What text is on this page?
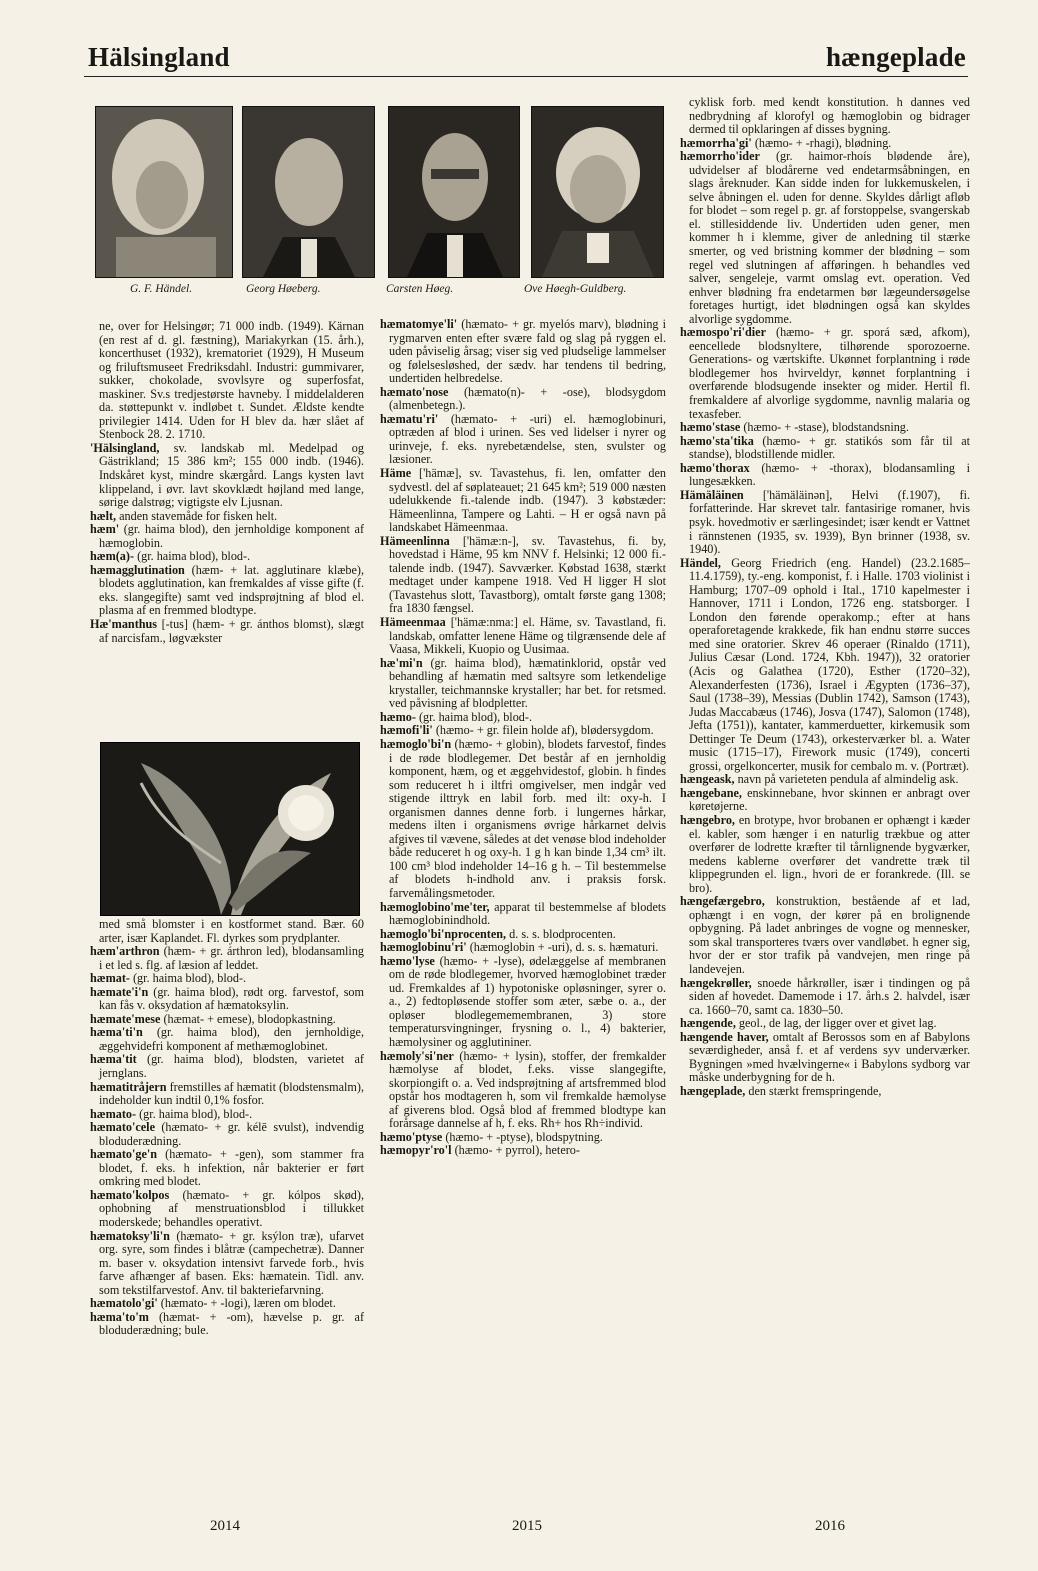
Hälsingland	hængeplade
G. F. Händel.	Georg Høeberg.	Carsten Høeg.	Ove Høegh-Guldberg.

ne, over for Helsingør; 71 000 indb. (1949). Kärnan (en rest af d. gl. fæstning), Mariakyrkan (15. årh.), koncerthuset (1932), krematoriet (1929), H Museum og friluftsmuseet Fredriksdahl. Industri: gummivarer, sukker, chokolade, svovlsyre og superfosfat, maskiner. Sv.s tredjestørste havneby. I middelalderen da. støttepunkt v. indløbet t. Sundet. Ældste kendte privilegier 1414. Uden for H blev da. hær slået af Stenbock 28. 2. 1710.

'Hälsingland, sv. landskab ml. Medelpad og Gästrikland; 15 386 km²; 155 000 indb. (1946). Indskåret kyst, mindre skærgård. Langs kysten lavt klippeland, i øvr. lavt skovklædt højland med lange, sørige dalstrøg; vigtigste elv Ljusnan.

hælt, anden stavemåde for fisken helt.

hæm' (gr. haima blod), den jernholdige komponent af hæmoglobin.

hæm(a)- (gr. haima blod), blod-.

hæmagglutination (hæm- + lat. agglutinare klæbe), blodets agglutination, kan fremkaldes af visse gifte (f. eks. slangegifte) samt ved indsprøjtning af blod el. plasma af en fremmed blodtype.

Hæ'manthus [-tus] (hæm- + gr. ánthos blomst), slægt af narcisfam., løgvækster

med små blomster i en kostformet stand. Bær. 60 arter, især Kaplandet. Fl. dyrkes som prydplanter.

hæm'arthron (hæm- + gr. árthron led), blodansamling i et led s. flg. af læsion af leddet.

hæmat- (gr. haima blod), blod-.

hæmate'i'n (gr. haima blod), rødt org. farvestof, som kan fås v. oksydation af hæmatoksylin.

hæmate'mese (hæmat- + emese), blodopkastning.

hæma'ti'n (gr. haima blod), den jernholdige, æggehvidefri komponent af methæmoglobinet.

hæma'tit (gr. haima blod), blodsten, varietet af jernglans.

hæmatitråjern fremstilles af hæmatit (blodstensmalm), indeholder kun indtil 0,1% fosfor.

hæmato- (gr. haima blod), blod-.

hæmato'cele (hæmato- + gr. kélē svulst), indvendig bloduderædning.

hæmato'ge'n (hæmato- + -gen), som stammer fra blodet, f. eks. h infektion, når bakterier er ført omkring med blodet.

hæmato'kolpos (hæmato- + gr. kólpos skød), ophobning af menstruationsblod i tillukket moderskede; behandles operativt.

hæmatoksy'li'n (hæmato- + gr. ksýlon træ), ufarvet org. syre, som findes i blåtræ (campechetræ). Danner m. baser v. oksydation intensivt farvede forb., hvis farve afhænger af basen. Eks: hæmatein. Tidl. anv. som tekstilfarvestof. Anv. til bakteriefarvning.

hæmatolo'gi' (hæmato- + -logi), læren om blodet.

hæma'to'm (hæmat- + -om), hævelse p. gr. af bloduderædning; bule.

hæmatomye'li' (hæmato- + gr. myelós marv), blødning i rygmarven enten efter svære fald og slag på ryggen el. uden påviselig årsag; viser sig ved pludselige lammelser og følelsesløshed, der sædv. har tendens til bedring, undertiden helbredelse.

hæmato'nose (hæmato(n)- + -ose), blodsygdom (almenbetegn.).

hæmatu'ri' (hæmato- + -uri) el. hæmoglobinuri, optræden af blod i urinen. Ses ved lidelser i nyrer og urinveje, f. eks. nyrebetændelse, sten, svulster og læsioner.

Häme ['hämæ], sv. Tavastehus, fi. len, omfatter den sydvestl. del af søplateauet; 21 645 km²; 519 000 næsten udelukkende fi.-talende indb. (1947). 3 købstæder: Hämeenlinna, Tampere og Lahti. – H er også navn på landskabet Hämeenmaa.

Hämeenlinna ['hämæ:n-], sv. Tavastehus, fi. by, hovedstad i Häme, 95 km NNV f. Helsinki; 12 000 fi.-talende indb. (1947). Savværker. Købstad 1638, stærkt medtaget under kampene 1918. Ved H ligger H slot (Tavastehus slott, Tavastborg), omtalt første gang 1308; fra 1830 fængsel.

Hämeenmaa ['hämæ:nma:] el. Häme, sv. Tavastland, fi. landskab, omfatter lenene Häme og tilgrænsende dele af Vaasa, Mikkeli, Kuopio og Uusimaa.

hæ'mi'n (gr. haima blod), hæmatinklorid, opstår ved behandling af hæmatin med saltsyre som letkendelige krystaller, teichmannske krystaller; har bet. for retsmed. ved påvisning af blodpletter.

hæmo- (gr. haima blod), blod-.

hæmofi'li' (hæmo- + gr. filein holde af), blødersygdom.

hæmoglo'bi'n (hæmo- + globin), blodets farvestof, findes i de røde blodlegemer. Det består af en jernholdig komponent, hæm, og et æggehvidestof, globin. h findes som reduceret h i iltfri omgivelser, men indgår ved stigende ilttryk en labil forb. med ilt: oxy-h. I organismen dannes denne forb. i lungernes hårkar, medens ilten i organismens øvrige hårkarnet delvis afgives til vævene, således at det venøse blod indeholder både reduceret h og oxy-h. 1 g h kan binde 1,34 cm³ ilt. 100 cm³ blod indeholder 14–16 g h. – Til bestemmelse af blodets h-indhold anv. i praksis forsk. farvemålingsmetoder.

hæmoglobino'me'ter, apparat til bestemmelse af blodets hæmoglobinindhold.

hæmoglo'bi'nprocenten, d. s. s. blodprocenten.

hæmoglobinu'ri' (hæmoglobin + -uri), d. s. s. hæmaturi.

hæmo'lyse (hæmo- + -lyse), ødelæggelse af membranen om de røde blodlegemer, hvorved hæmoglobinet træder ud. Fremkaldes af 1) hypotoniske opløsninger, syrer o. a., 2) fedtopløsende stoffer som æter, sæbe o. a., der opløser blodlegememembranen, 3) store temperatursvingninger, frysning o. l., 4) bakterier, hæmolysiner og agglutininer.

hæmoly'si'ner (hæmo- + lysin), stoffer, der fremkalder hæmolyse af blodet, f.eks. visse slangegifte, skorpiongift o. a. Ved indsprøjtning af artsfremmed blod opstår hos modtageren h, som vil fremkalde hæmolyse af giverens blod. Også blod af fremmed blodtype kan forårsage dannelse af h, f. eks. Rh+ hos Rh÷individ.

hæmo'ptyse (hæmo- + -ptyse), blodspytning.

hæmopyr'ro'l (hæmo- + pyrrol), hetero-

cyklisk forb. med kendt konstitution. h dannes ved nedbrydning af klorofyl og hæmoglobin og bidrager dermed til opklaringen af disses bygning.

hæmorrha'gi' (hæmo- + -rhagi), blødning.

hæmorrho'ider (gr. haimor-rhoís blødende åre), udvidelser af blodårerne ved endetarmsåbningen, en slags åreknuder. Kan sidde inden for lukkemuskelen, i selve åbningen el. uden for denne. Skyldes dårligt afløb for blodet – som regel p. gr. af forstoppelse, svangerskab el. stillesiddende liv. Undertiden uden gener, men kommer h i klemme, giver de anledning til stærke smerter, og ved bristning kommer der blødning – som regel ved slutningen af afføringen. h behandles ved salver, sengeleje, varmt omslag evt. operation. Ved enhver blødning fra endetarmen bør lægeundersøgelse foretages hurtigt, idet blødningen også kan skyldes alvorlige sygdomme.

hæmospo'ri'dier (hæmo- + gr. sporá sæd, afkom), eencellede blodsnyltere, tilhørende sporozoerne. Generations- og værtskifte. Ukønnet forplantning i røde blodlegemer hos hvirveldyr, kønnet forplantning i overførende blodsugende insekter og mider. Hertil fl. fremkaldere af alvorlige sygdomme, navnlig malaria og texasfeber.

hæmo'stase (hæmo- + -stase), blodstandsning.

hæmo'sta'tika (hæmo- + gr. statikós som får til at standse), blodstillende midler.

hæmo'thorax (hæmo- + -thorax), blodansamling i lungesækken.

Hämäläinen ['hämäläinən], Helvi (f.1907), fi. forfatterinde. Har skrevet talr. fantasirige romaner, hvis psyk. hovedmotiv er særlingesindet; især kendt er Vattnet i rännstenen (1935, sv. 1939), Byn brinner (1938, sv. 1940).

Händel, Georg Friedrich (eng. Handel) (23.2.1685–11.4.1759), ty.-eng. komponist, f. i Halle. 1703 violinist i Hamburg; 1707–09 ophold i Ital., 1710 kapelmester i Hannover, 1711 i London, 1726 eng. statsborger. I London den førende operakomp.; efter at hans operaforetagende krakkede, fik han endnu større succes med sine oratorier. Skrev 46 operaer (Rinaldo (1711), Julius Cæsar (Lond. 1724, Kbh. 1947)), 32 oratorier (Acis og Galathea (1720), Esther (1720–32), Alexanderfesten (1736), Israel i Ægypten (1736–37), Saul (1738–39), Messias (Dublin 1742), Samson (1743), Judas Maccabæus (1746), Josva (1747), Salomon (1748), Jefta (1751)), kantater, kammerduetter, kirkemusik som Dettinger Te Deum (1743), orkesterværker bl. a. Water music (1715–17), Firework music (1749), concerti grossi, orgelkoncerter, musik for cembalo m. v. (Portræt).

hængeask, navn på varieteten pendula af almindelig ask.

hængebane, enskinnebane, hvor skinnen er anbragt over køretøjerne.

hængebro, en brotype, hvor brobanen er ophængt i kæder el. kabler, som hænger i en naturlig trækbue og atter overfører de lodrette kræfter til tårnlignende bygværker, medens kablerne overfører det vandrette træk til klippegrunden el. lign., hvori de er forankrede. (Ill. se bro).

hængefærgebro, konstruktion, bestående af et lad, ophængt i en vogn, der kører på en brolignende opbygning. På ladet anbringes de vogne og mennesker, som skal transporteres tværs over vandløbet. h egner sig, hvor der er stor trafik på vandvejen, men ringe på landevejen.

hængekrøller, snoede hårkrøller, især i tindingen og på siden af hovedet. Damemode i 17. årh.s 2. halvdel, især ca. 1660–70, samt ca. 1830–50.

hængende, geol., de lag, der ligger over et givet lag.

hængende haver, omtalt af Berossos som en af Babylons seværdigheder, anså f. et af verdens syv underværker. Bygningen »med hvælvingerne« i Babylons sydborg var måske underbygning for de h.

hængeplade, den stærkt fremspringende,

2014	2015	2016
